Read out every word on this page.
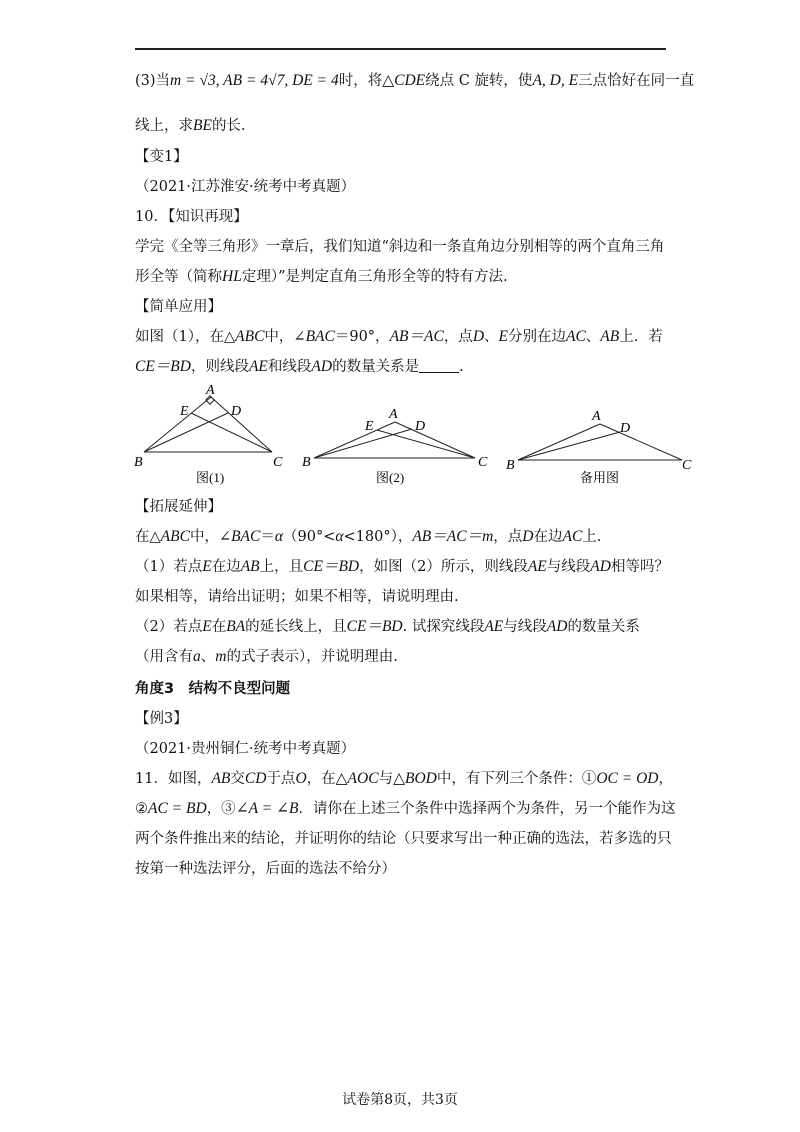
(3)当m = √3, AB = 4√7, DE = 4时，将△CDE绕点 C 旋转，使A, D, E三点恰好在同一直
线上，求BE的长.
【变1】
（2021·江苏淮安·统考中考真题）
10．【知识再现】
学完《全等三角形》一章后，我们知道“斜边和一条直角边分别相等的两个直角三角
形全等（简称HL定理）”是判定直角三角形全等的特有方法.
【简单应用】
如图（1），在△ABC中，∠BAC＝90°，AB＝AC，点D、E分别在边AC、AB上．若
CE＝BD，则线段AE和线段AD的数量关系是	.
A
E	D
B	C
图(1)
A
E	D
B	C
图(2)
A
D
B	C
备用图
【拓展延伸】
在△ABC中，∠BAC＝α（90°<α<180°），AB＝AC＝m，点D在边AC上.
（1）若点E在边AB上，且CE＝BD，如图（2）所示，则线段AE与线段AD相等吗？
如果相等，请给出证明；如果不相等，请说明理由.
（2）若点E在BA的延长线上，且CE＝BD. 试探究线段AE与线段AD的数量关系
（用含有a、m的式子表示），并说明理由.
角度3　结构不良型问题
【例3】
（2021·贵州铜仁·统考中考真题）
11．如图，AB交CD于点O，在△AOC与△BOD中，有下列三个条件：①OC = OD，
②AC = BD，③∠A = ∠B．请你在上述三个条件中选择两个为条件，另一个能作为这
两个条件推出来的结论，并证明你的结论（只要求写出一种正确的选法，若多选的只
按第一种选法评分，后面的选法不给分）
试卷第8页，共3页
